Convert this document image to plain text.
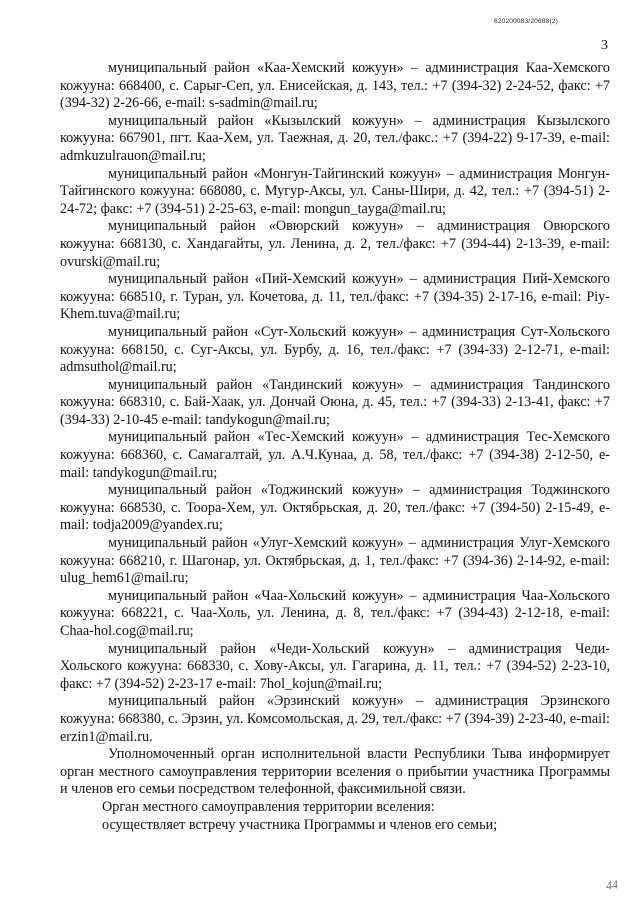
620200083/20688(2)
3

муниципальный район «Каа-Хемский кожуун» – администрация Каа-Хемского кожууна: 668400, с. Сарыг-Сеп, ул. Енисейская, д. 143, тел.: +7 (394-32) 2-24-52, факс: +7 (394-32) 2-26-66, e-mail: s-sadmin@mail.ru;

муниципальный район «Кызылский кожуун» – администрация Кызылского кожууна: 667901, пгт. Каа-Хем, ул. Таежная, д. 20, тел./факс.: +7 (394-22) 9-17-39, e-mail: admkuzulrauon@mail.ru;

муниципальный район «Монгун-Тайгинский кожуун» – администрация Монгун-Тайгинского кожууна: 668080, с. Мугур-Аксы, ул. Саны-Шири, д. 42, тел.: +7 (394-51) 2-24-72; факс: +7 (394-51) 2-25-63, e-mail: mongun_tayga@mail.ru;

муниципальный район «Овюрский кожуун» – администрация Овюрского кожууна: 668130, с. Хандагайты, ул. Ленина, д. 2, тел./факс: +7 (394-44) 2-13-39, e-mail: ovurski@mail.ru;

муниципальный район «Пий-Хемский кожуун» – администрация Пий-Хемского кожууна: 668510, г. Туран, ул. Кочетова, д. 11, тел./факс: +7 (394-35) 2-17-16, e-mail: Piy-Khem.tuva@mail.ru;

муниципальный район «Сут-Хольский кожуун» – администрация Сут-Хольского кожууна: 668150, с. Суг-Аксы, ул. Бурбу, д. 16, тел./факс: +7 (394-33) 2-12-71, e-mail: admsuthol@mail.ru;

муниципальный район «Тандинский кожуун» – администрация Тандинского кожууна: 668310, с. Бай-Хаак, ул. Дончай Оюна, д. 45, тел.: +7 (394-33) 2-13-41, факс: +7 (394-33) 2-10-45 e-mail: tandykogun@mail.ru;

муниципальный район «Тес-Хемский кожуун» – администрация Тес-Хемского кожууна: 668360, с. Самагалтай, ул. А.Ч.Кунаа, д. 58, тел./факс: +7 (394-38) 2-12-50, e-mail: tandykogun@mail.ru;

муниципальный район «Тоджинский кожуун» – администрация Тоджинского кожууна: 668530, с. Тоора-Хем, ул. Октябрьская, д. 20, тел./факс: +7 (394-50) 2-15-49, e-mail: todja2009@yandex.ru;

муниципальный район «Улуг-Хемский кожуун» – администрация Улуг-Хемского кожууна: 668210, г. Шагонар, ул. Октябрьская, д. 1, тел./факс: +7 (394-36) 2-14-92, e-mail: ulug_hem61@mail.ru;

муниципальный район «Чаа-Хольский кожуун» – администрация Чаа-Хольского кожууна: 668221, с. Чаа-Холь, ул. Ленина, д. 8, тел./факс: +7 (394-43) 2-12-18, e-mail: Chaa-hol.cog@mail.ru;

муниципальный район «Чеди-Хольский кожуун» – администрация Чеди-Хольского кожууна: 668330, с. Хову-Аксы, ул. Гагарина, д. 11, тел.: +7 (394-52) 2-23-10, факс: +7 (394-52) 2-23-17 e-mail: 7hol_kojun@mail.ru;

муниципальный район «Эрзинский кожуун» – администрация Эрзинского кожууна: 668380, с. Эрзин, ул. Комсомольская, д. 29, тел./факс: +7 (394-39) 2-23-40, e-mail: erzin1@mail.ru.

Уполномоченный орган исполнительной власти Республики Тыва информирует орган местного самоуправления территории вселения о прибытии участника Программы и членов его семьи посредством телефонной, факсимильной связи.

Орган местного самоуправления территории вселения:

осуществляет встречу участника Программы и членов его семьи;

44
